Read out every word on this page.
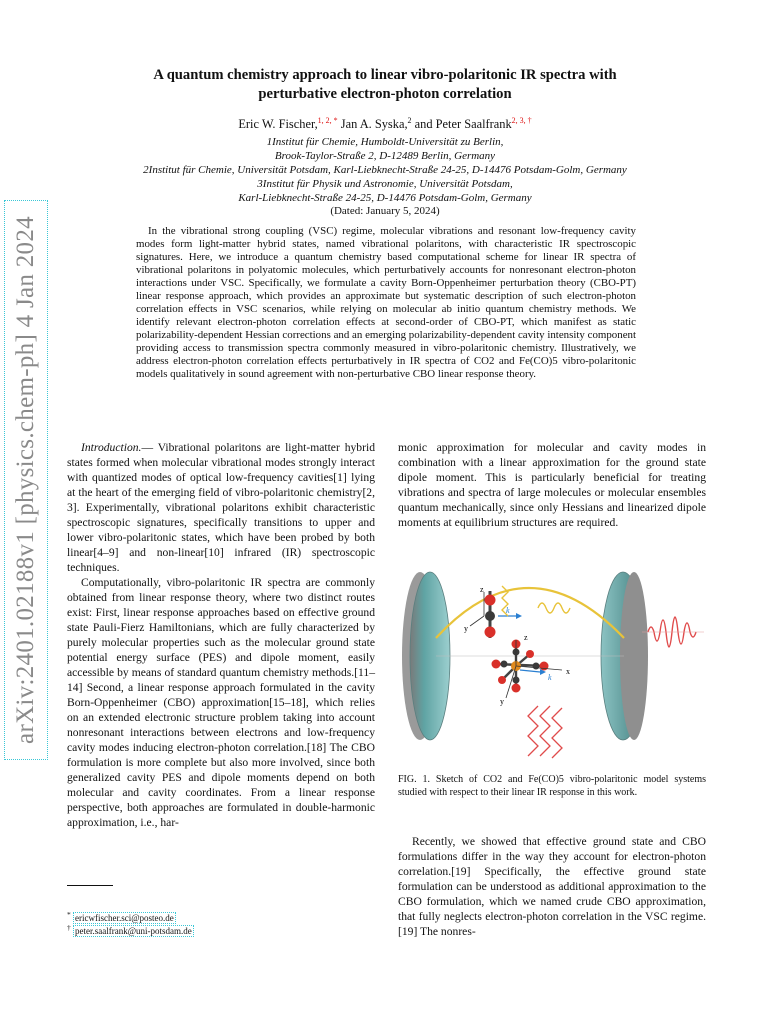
arXiv:2401.02188v1 [physics.chem-ph] 4 Jan 2024
A quantum chemistry approach to linear vibro-polaritonic IR spectra with
perturbative electron-photon correlation
Eric W. Fischer,$^{1, 2, *}$ Jan A. Syska,$^2$ and Peter Saalfrank$^{2, 3, \dagger}$
1Institut für Chemie, Humboldt-Universität zu Berlin,
Brook-Taylor-Straße 2, D-12489 Berlin, Germany
2Institut für Chemie, Universität Potsdam, Karl-Liebknecht-Straße 24-25, D-14476 Potsdam-Golm, Germany
3Institut für Physik und Astronomie, Universität Potsdam,
Karl-Liebknecht-Straße 24-25, D-14476 Potsdam-Golm, Germany
(Dated: January 5, 2024)
In the vibrational strong coupling (VSC) regime, molecular vibrations and resonant low-frequency cavity modes form light-matter hybrid states, named vibrational polaritons, with characteristic IR spectroscopic signatures. Here, we introduce a quantum chemistry based computational scheme for linear IR spectra of vibrational polaritons in polyatomic molecules, which perturbatively accounts for nonresonant electron-photon interactions under VSC. Specifically, we formulate a cavity Born-Oppenheimer perturbation theory (CBO-PT) linear response approach, which provides an approximate but systematic description of such electron-photon correlation effects in VSC scenarios, while relying on molecular ab initio quantum chemistry methods. We identify relevant electron-photon correlation effects at second-order of CBO-PT, which manifest as static polarizability-dependent Hessian corrections and an emerging polarizability-dependent cavity intensity component providing access to transmission spectra commonly measured in vibro-polaritonic chemistry. Illustratively, we address electron-photon correlation effects perturbatively in IR spectra of CO2 and Fe(CO)5 vibro-polaritonic models qualitatively in sound agreement with non-perturbative CBO linear response theory.

Introduction.— Vibrational polaritons are light-matter hybrid states formed when molecular vibrational modes strongly interact with quantized modes of optical low-frequency cavities[1] lying at the heart of the emerging field of vibro-polaritonic chemistry[2, 3]. Experimentally, vibrational polaritons exhibit characteristic spectroscopic signatures, specifically transitions to upper and lower vibro-polaritonic states, which have been probed by both linear[4–9] and non-linear[10] infrared (IR) spectroscopic techniques.

Computationally, vibro-polaritonic IR spectra are commonly obtained from linear response theory, where two distinct routes exist: First, linear response approaches based on effective ground state Pauli-Fierz Hamiltonians, which are fully characterized by purely molecular properties such as the molecular ground state potential energy surface (PES) and dipole moment, easily accessible by means of standard quantum chemistry methods.[11–14] Second, a linear response approach formulated in the cavity Born-Oppenheimer (CBO) approximation[15–18], which relies on an extended electronic structure problem taking into account nonresonant interactions between electrons and low-frequency cavity modes inducing electron-photon correlation.[18] The CBO formulation is more complete but also more involved, since both generalized cavity PES and dipole moments depend on both molecular and cavity coordinates. From a linear response perspective, both approaches are formulated in double-harmonic approximation, i.e., har-

monic approximation for molecular and cavity modes in combination with a linear approximation for the ground state dipole moment. This is particularly beneficial for treating vibrations and spectra of large molecules or molecular ensembles quantum mechanically, since only Hessians and linearized dipole moments at equilibrium structures are required.
z
y
k
z
x
y
k
FIG. 1. Sketch of CO2 and Fe(CO)5 vibro-polaritonic model systems studied with respect to their linear IR response in this work.
Recently, we showed that effective ground state and CBO formulations differ in the way they account for electron-photon correlation.[19] Specifically, the effective ground state formulation can be understood as additional approximation to the CBO formulation, which we named crude CBO approximation, that fully neglects electron-photon correlation in the VSC regime.[19] The nonres-
* ericwfischer.sci@posteo.de
† peter.saalfrank@uni-potsdam.de
